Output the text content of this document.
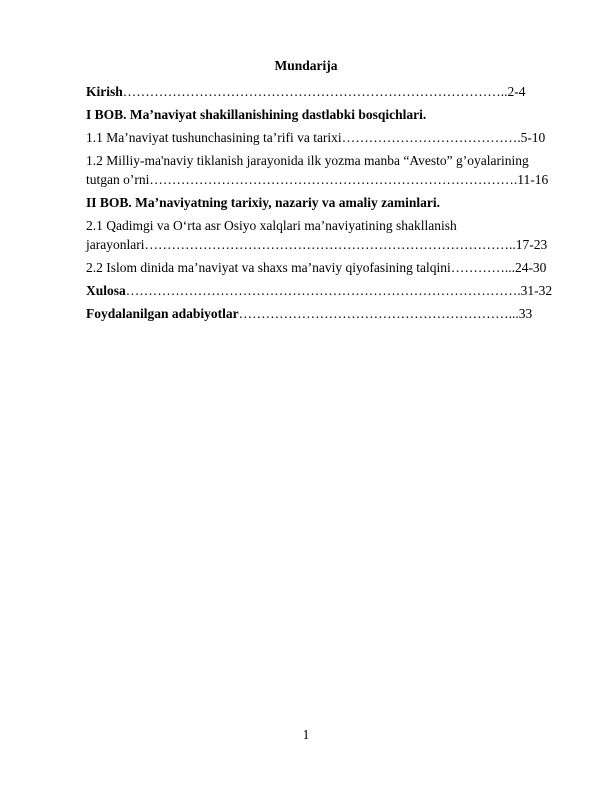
Mundarija
Kirish…………………………………………………………………………..2-4
I BOB. Ma’naviyat shakillanishining dastlabki bosqichlari.
1.1 Ma’naviyat tushunchasining ta’rifi va tarixi………………………………….5-10
1.2 Milliy-ma'naviy tiklanish jarayonida ilk yozma manba “Avesto” g’oyalarining
tutgan o’rni……………………………………………………………………….11-16
II BOB. Ma’naviyatning tarixiy, nazariy va amaliy zaminlari.
2.1 Qadimgi va O‘rta asr Osiyo xalqlari ma’naviyatining shakllanish
jarayonlari………………………………………………………………………..17-23
2.2 Islom dinida ma’naviyat va shaxs ma’naviy qiyofasining talqini…………...24-30
Xulosa…………………………………………………………………………….31-32
Foydalanilgan adabiyotlar……………………………………………………...33
1
